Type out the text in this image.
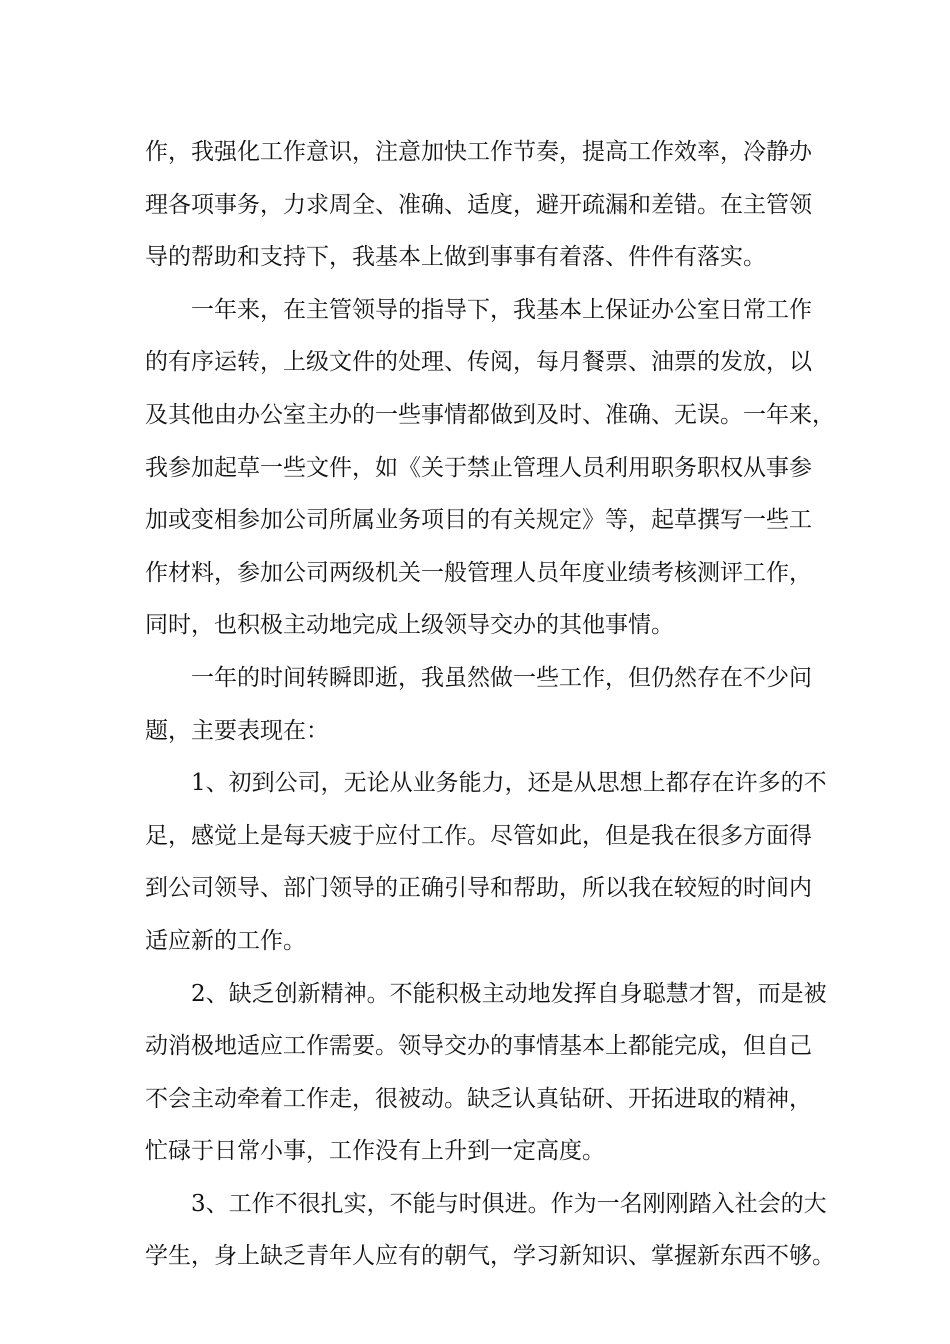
作，我强化工作意识，注意加快工作节奏，提高工作效率，冷静办
理各项事务，力求周全、准确、适度，避开疏漏和差错。在主管领
导的帮助和支持下，我基本上做到事事有着落、件件有落实。
一年来，在主管领导的指导下，我基本上保证办公室日常工作
的有序运转，上级文件的处理、传阅，每月餐票、油票的发放，以
及其他由办公室主办的一些事情都做到及时、准确、无误。一年来，
我参加起草一些文件，如《关于禁止管理人员利用职务职权从事参
加或变相参加公司所属业务项目的有关规定》等，起草撰写一些工
作材料，参加公司两级机关一般管理人员年度业绩考核测评工作，
同时，也积极主动地完成上级领导交办的其他事情。
一年的时间转瞬即逝，我虽然做一些工作，但仍然存在不少问
题，主要表现在：
1、初到公司，无论从业务能力，还是从思想上都存在许多的不
足，感觉上是每天疲于应付工作。尽管如此，但是我在很多方面得
到公司领导、部门领导的正确引导和帮助，所以我在较短的时间内
适应新的工作。
2、缺乏创新精神。不能积极主动地发挥自身聪慧才智，而是被
动消极地适应工作需要。领导交办的事情基本上都能完成，但自己
不会主动牵着工作走，很被动。缺乏认真钻研、开拓进取的精神，
忙碌于日常小事，工作没有上升到一定高度。
3、工作不很扎实，不能与时俱进。作为一名刚刚踏入社会的大
学生，身上缺乏青年人应有的朝气，学习新知识、掌握新东西不够。
